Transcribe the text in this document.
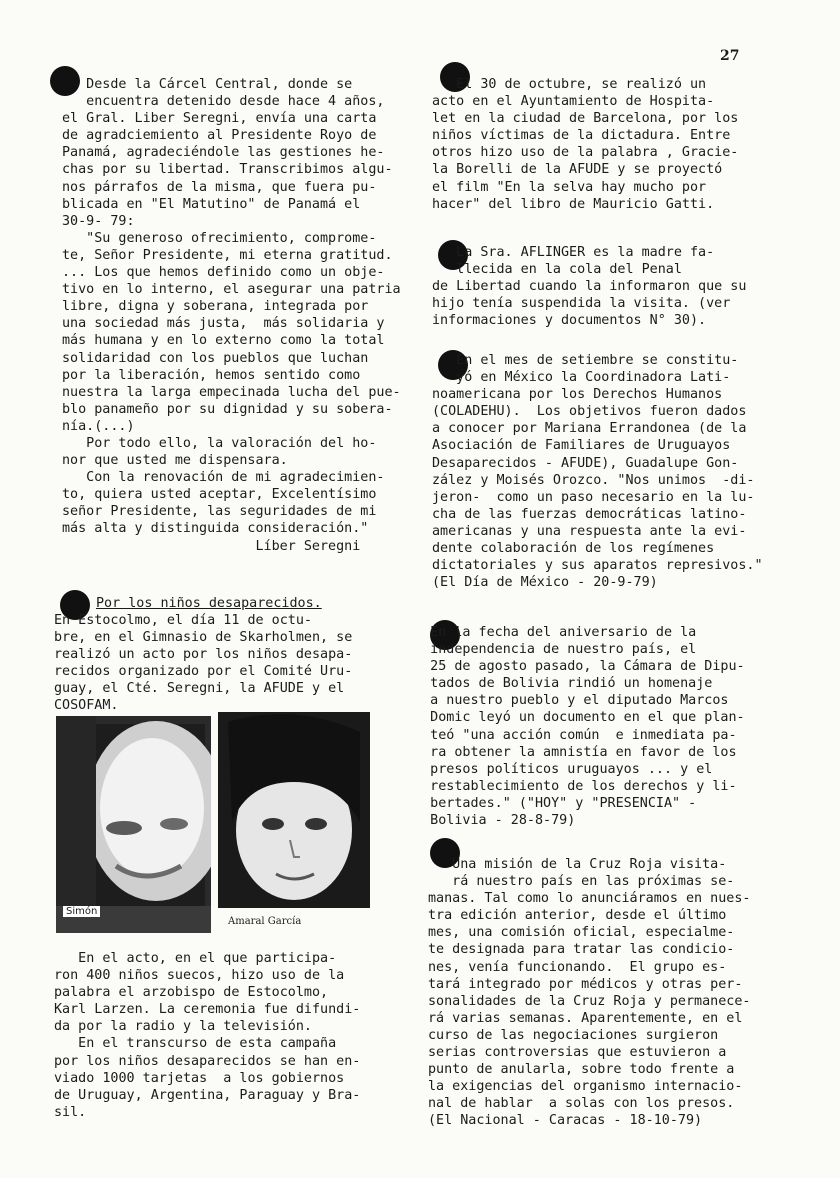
27

Desde la Cárcel Central, donde se

encuentra detenido desde hace 4 años,

el Gral. Liber Seregni, envía una carta

de agradciemiento al Presidente Royo de

Panamá, agradeciéndole las gestiones he-

chas por su libertad. Transcribimos algu-

nos párrafos de la misma, que fuera pu-

blicada en "El Matutino" de Panamá el

30-9- 79:

"Su generoso ofrecimiento, comprome-

te, Señor Presidente, mi eterna gratitud.

... Los que hemos definido como un obje-

tivo en lo interno, el asegurar una patria

libre, digna y soberana, integrada por

una sociedad más justa,  más solidaria y

más humana y en lo externo como la total

solidaridad con los pueblos que luchan

por la liberación, hemos sentido como

nuestra la larga empecinada lucha del pue-

blo panameño por su dignidad y su sobera-

nía.(...)

Por todo ello, la valoración del ho-

nor que usted me dispensara.

Con la renovación de mi agradecimien-

to, quiera usted aceptar, Excelentísimo

señor Presidente, las seguridades de mi

más alta y distinguida consideración."

Líber Seregni

Por los niños desaparecidos.

En Estocolmo, el día 11 de octu-

bre, en el Gimnasio de Skarholmen, se

realizó un acto por los niños desapa-

recidos organizado por el Comité Uru-

guay, el Cté. Seregni, la AFUDE y el

COSOFAM.

Simón
Amaral García

En el acto, en el que participa-

ron 400 niños suecos, hizo uso de la

palabra el arzobispo de Estocolmo,

Karl Larzen. La ceremonia fue difundi-

da por la radio y la televisión.

En el transcurso de esta campaña

por los niños desaparecidos se han en-

viado 1000 tarjetas  a los gobiernos

de Uruguay, Argentina, Paraguay y Bra-

sil.

El 30 de octubre, se realizó un

acto en el Ayuntamiento de Hospita-

let en la ciudad de Barcelona, por los

niños víctimas de la dictadura. Entre

otros hizo uso de la palabra , Gracie-

la Borelli de la AFUDE y se proyectó

el film "En la selva hay mucho por

hacer" del libro de Mauricio Gatti.

La Sra. AFLINGER es la madre fa-

llecida en la cola del Penal

de Libertad cuando la informaron que su

hijo tenía suspendida la visita. (ver

informaciones y documentos N° 30).

En el mes de setiembre se constitu-

yó en México la Coordinadora Lati-

noamericana por los Derechos Humanos

(COLADEHU).  Los objetivos fueron dados

a conocer por Mariana Errandonea (de la

Asociación de Familiares de Uruguayos

Desaparecidos - AFUDE), Guadalupe Gon-

zález y Moisés Orozco. "Nos unimos  -di-

jeron-  como un paso necesario en la lu-

cha de las fuerzas democráticas latino-

americanas y una respuesta ante la evi-

dente colaboración de los regímenes

dictatoriales y sus aparatos represivos."

(El Día de México - 20-9-79)

En la fecha del aniversario de la

independencia de nuestro país, el

25 de agosto pasado, la Cámara de Dipu-

tados de Bolivia rindió un homenaje

a nuestro pueblo y el diputado Marcos

Domic leyó un documento en el que plan-

teó "una acción común  e inmediata pa-

ra obtener la amnistía en favor de los

presos políticos uruguayos ... y el

restablecimiento de los derechos y li-

bertades." ("HOY" y "PRESENCIA" -

Bolivia - 28-8-79)

Una misión de la Cruz Roja visita-

rá nuestro país en las próximas se-

manas. Tal como lo anunciáramos en nues-

tra edición anterior, desde el último

mes, una comisión oficial, especialme-

te designada para tratar las condicio-

nes, venía funcionando.  El grupo es-

tará integrado por médicos y otras per-

sonalidades de la Cruz Roja y permanece-

rá varias semanas. Aparentemente, en el

curso de las negociaciones surgieron

serias controversias que estuvieron a

punto de anularla, sobre todo frente a

la exigencias del organismo internacio-

nal de hablar  a solas con los presos.

(El Nacional - Caracas - 18-10-79)
